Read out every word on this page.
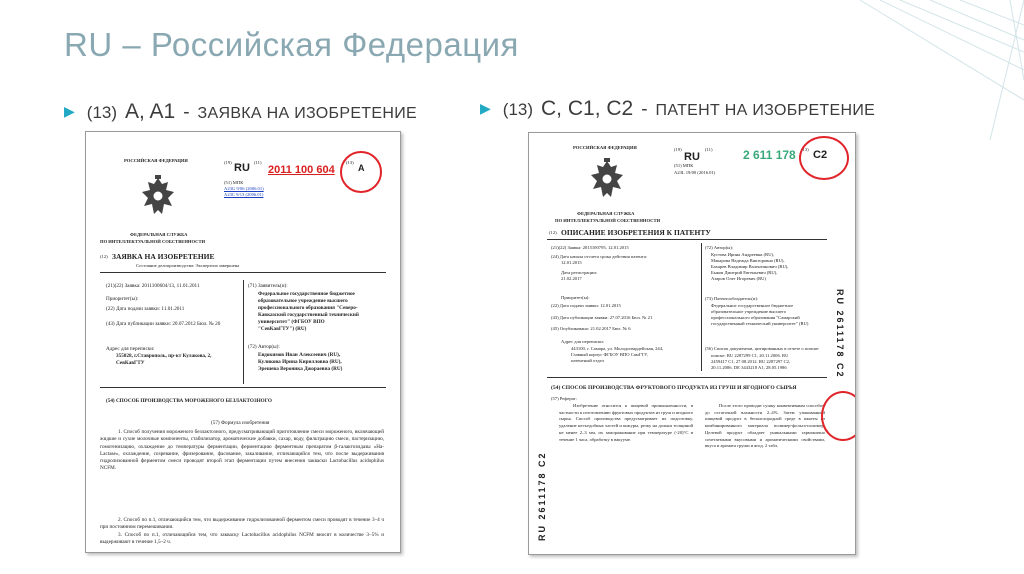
RU – Российская Федерация
▶ (13) A, A1 - ЗАЯВКА НА ИЗОБРЕТЕНИЕ	▶ (13) C, C1, C2 - ПАТЕНТ НА ИЗОБРЕТЕНИЕ
РОССИЙСКАЯ ФЕДЕРАЦИЯ
ФЕДЕРАЛЬНАЯ СЛУЖБА
ПО ИНТЕЛЛЕКТУАЛЬНОЙ СОБСТВЕННОСТИ
(19) RU (11)
2011 100 604
(13)
A
(51) МПК
A23G 9/06 (2006.01)
A23C 9/13 (2006.01)
(12) ЗАЯВКА НА ИЗОБРЕТЕНИЕ
Состояние делопроизводства: Экспертиза завершена
(21)(22) Заявка: 2011100604/13, 11.01.2011
Приоритет(ы):
(22) Дата подачи заявки: 11.01.2011
(43) Дата публикации заявки: 20.07.2012 Бюл. № 20
Адрес для переписки:
355028, г.Ставрополь, пр-кт Кулакова, 2,
СевКавГТУ
(71) Заявитель(и):
Федеральное государственное бюджетное
образовательное учреждение высшего
профессионального образования "Северо-
Кавказский государственный технический
университет" (ФГБОУ ВПО
"СевКавГТУ") (RU)
(72) Автор(ы):
Евдокимов Иван Алексеевич (RU),
Куликова Ирина Кирилловна (RU),
Эрешева Вероника Джораевна (RU)
(54) СПОСОБ ПРОИЗВОДСТВА МОРОЖЕНОГО БЕЗЛАКТОЗНОГО
(57) Формула изобретения
1. Способ получения мороженого безлактозного, предусматривающий приготовление смеси мороженого, включающей жидкие и сухие молочные компоненты, стабилизатор, ароматические добавки, сахар, воду, фильтрацию смеси, пастеризацию, гомогенизацию, охлаждение до температуры ферментации, ферментацию ферментным препаратом β-галактозидазы «Ha-Lactase», охлаждение, созревание, фризерование, фасование, закаливание, отличающийся тем, что после выдерживания гидролизованной ферментом смеси проводят второй этап ферментации путем внесения закваски Lactobacillus acidophilus NCFM.
2. Способ по п.1, отличающийся тем, что выдерживание гидролизованной ферментом смеси проводят в течение 3–4 ч при постоянном перемешивании.
3. Способ по п.1, отличающийся тем, что закваску Lactobacillus acidophilus NCFM вносят в количестве 3–5% и выдерживают в течение 1,5–2 ч.
РОССИЙСКАЯ ФЕДЕРАЦИЯ
ФЕДЕРАЛЬНАЯ СЛУЖБА
ПО ИНТЕЛЛЕКТУАЛЬНОЙ СОБСТВЕННОСТИ
(19)
RU
(11)	2 611 178 (13) C2
(51) МПК
A23L 19/00 (2016.01)
(12) ОПИСАНИЕ ИЗОБРЕТЕНИЯ К ПАТЕНТУ
(21)(22) Заявка: 2015100795, 12.01.2015
(24) Дата начала отсчета срока действия патента:
12.01.2015
Дата регистрации:
21.02.2017
Приоритет(ы):
(22) Дата подачи заявки: 12.01.2015
(43) Дата публикации заявки: 27.07.2016 Бюл. № 21
(45) Опубликовано: 21.02.2017 Бюл. № 6
Адрес для переписки:
443100, г. Самара, ул. Молодогвардейская, 244,
Главный корпус ФГБОУ ВПО СамГТУ,
патентный отдел
(72) Автор(ы):
Кустова Ирина Андреевна (RU),
Макарова Надежда Викторовна (RU),
Бахарев Владимир Валентинович (RU),
Быков Дмитрий Евгеньевич (RU),
Азаров Олег Игоревич (RU)
(73) Патентообладатель(и):
Федеральное государственное бюджетное
образовательное учреждение высшего
профессионального образования "Самарский
государственный технический университет" (RU)
(56) Список документов, цитированных в отчете о поиске:
поиске: RU 2287299 C1, 20.11.2006. RU
2459417 C1, 27.08.2012. RU 2287297 C2,
20.11.2006. DE 3443218 A1, 28.05.1986
(54) СПОСОБ ПРОИЗВОДСТВА ФРУКТОВОГО ПРОДУКТА ИЗ ГРУШ И ЯГОДНОГО СЫРЬЯ
(57) Реферат:
Изобретение относится к пищевой промышленности, в частности к изготовлению фруктовых продуктов из груш и ягодного сырья. Способ производства предусматривает их подготовку, удаление несъедобных частей и кожуры, резку на дольки толщиной не менее 2–3 мм, их замораживание при температуре (-20)°С в течение 1 часа, обработку в вакууме.
После этого проводят сушку конвективным способом до остаточной влажности 2–4%. Затем упакованный пищевой продукт в бескислородной среде в пакеты из комбинированного материала полимер-фольга-полимер. Целевой продукт обладает уникальными гармонично сочетаемыми вкусовыми и ароматическими свойствами, вкуса и аромата груши и ягод. 2 табл.
RU 2611178 C2
RU 2611178 C2
